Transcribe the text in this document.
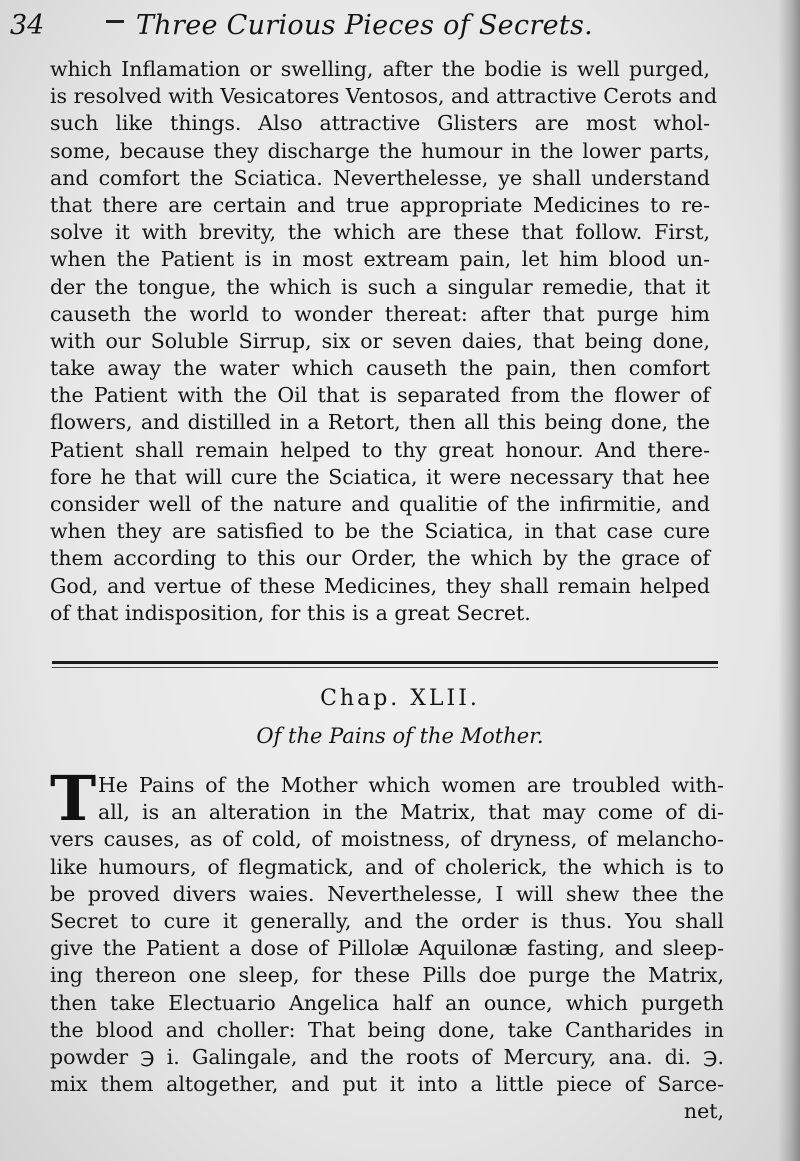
34	Three Curious Pieces of Secrets.
which Inflamation or swelling, after the bodie is well purged,
is resolved with Vesicatores Ventosos, and attractive Cerots and
such like things. Also attractive Glisters are most whol-
some, because they discharge the humour in the lower parts,
and comfort the Sciatica. Neverthelesse, ye shall understand
that there are certain and true appropriate Medicines to re-
solve it with brevity, the which are these that follow. First,
when the Patient is in most extream pain, let him blood un-
der the tongue, the which is such a singular remedie, that it
causeth the world to wonder thereat: after that purge him
with our Soluble Sirrup, six or seven daies, that being done,
take away the water which causeth the pain, then comfort
the Patient with the Oil that is separated from the flower of
flowers, and distilled in a Retort, then all this being done, the
Patient shall remain helped to thy great honour. And there-
fore he that will cure the Sciatica, it were necessary that hee
consider well of the nature and qualitie of the infirmitie, and
when they are satisfied to be the Sciatica, in that case cure
them according to this our Order, the which by the grace of
God, and vertue of these Medicines, they shall remain helped
of that indisposition, for this is a great Secret.
Chap. XLII.
Of the Pains of the Mother.
T He Pains of the Mother which women are troubled with-
all, is an alteration in the Matrix, that may come of di-
vers causes, as of cold, of moistness, of dryness, of melancho-
like humours, of flegmatick, and of cholerick, the which is to
be proved divers waies. Neverthelesse, I will shew thee the
Secret to cure it generally, and the order is thus. You shall
give the Patient a dose of Pillolæ Aquilonæ fasting, and sleep-
ing thereon one sleep, for these Pills doe purge the Matrix,
then take Electuario Angelica half an ounce, which purgeth
the blood and choller: That being done, take Cantharides in
powder ℈ i. Galingale, and the roots of Mercury, ana. di. ℈.
mix them altogether, and put it into a little piece of Sarce-
net,
